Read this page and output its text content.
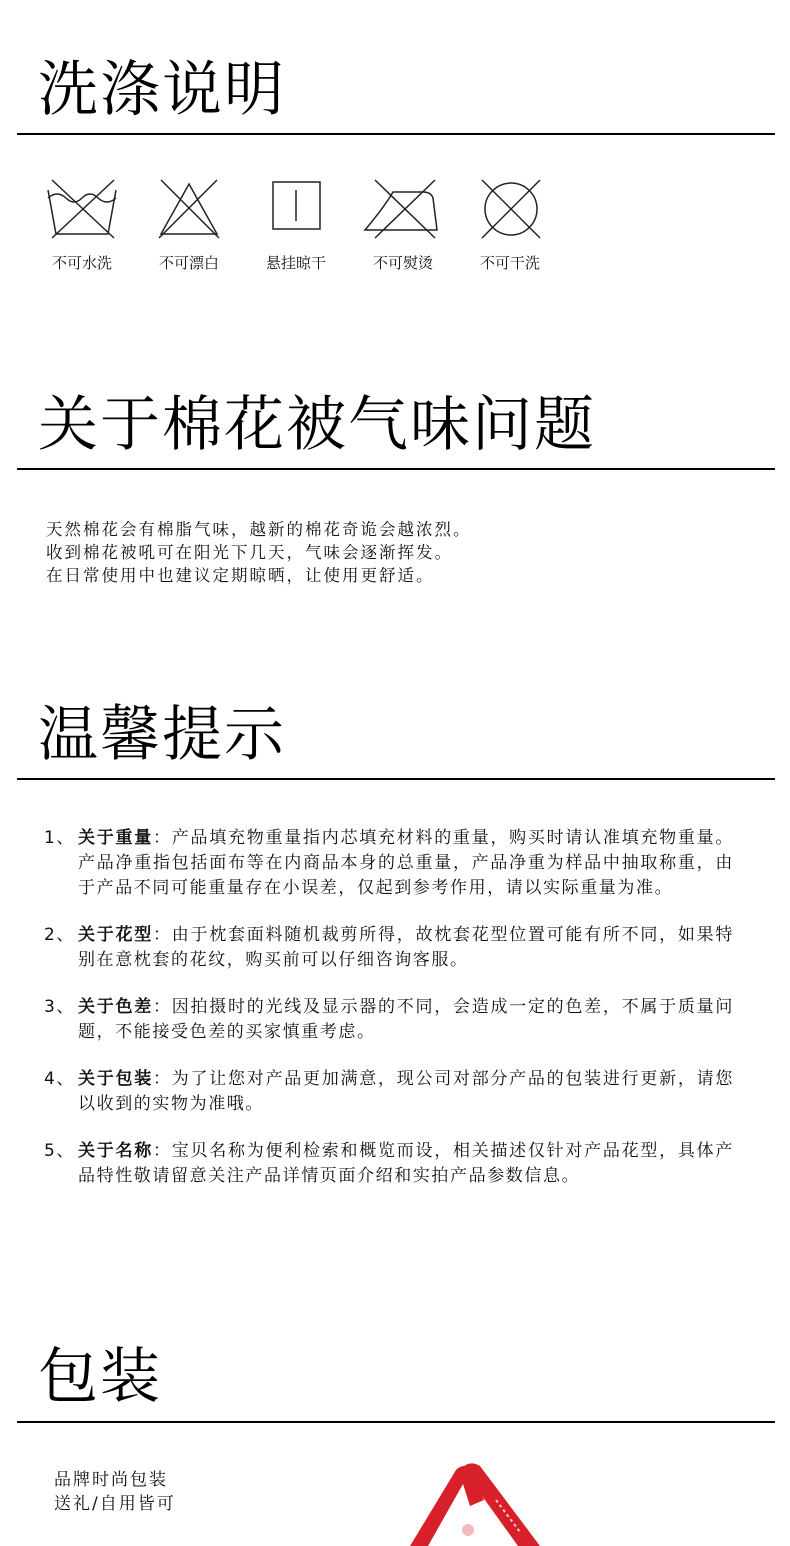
洗涤说明
不可水洗	不可漂白	悬挂晾干	不可熨烫	不可干洗
关于棉花被气味问题

天然棉花会有棉脂气味，越新的棉花奇诡会越浓烈。
收到棉花被吼可在阳光下几天，气味会逐渐挥发。
在日常使用中也建议定期晾晒，让使用更舒适。

温馨提示
1、 关于重量：产品填充物重量指内芯填充材料的重量，购买时请认准填充物重量。产品净重指包括面布等在内商品本身的总重量，产品净重为样品中抽取称重，由于产品不同可能重量存在小误差，仅起到参考作用，请以实际重量为准。
2、 关于花型：由于枕套面料随机裁剪所得，故枕套花型位置可能有所不同，如果特别在意枕套的花纹，购买前可以仔细咨询客服。
3、 关于色差：因拍摄时的光线及显示器的不同，会造成一定的色差，不属于质量问题，不能接受色差的买家慎重考虑。
4、 关于包装：为了让您对产品更加满意，现公司对部分产品的包装进行更新，请您以收到的实物为准哦。
5、 关于名称：宝贝名称为便利检索和概览而设，相关描述仅针对产品花型，具体产品特性敬请留意关注产品详情页面介绍和实拍产品参数信息。
包装
品牌时尚包装
送礼/自用皆可
